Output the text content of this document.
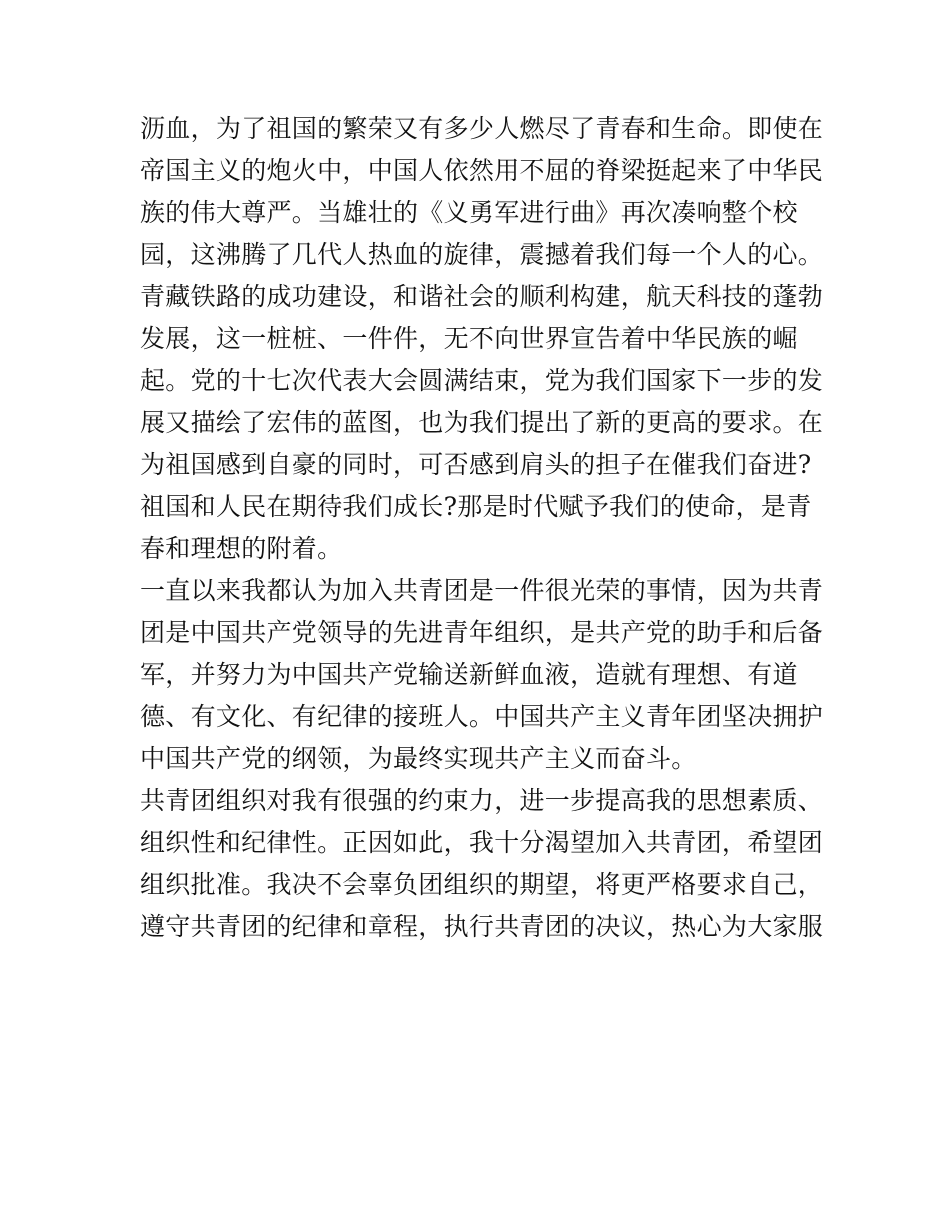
沥血，为了祖国的繁荣又有多少人燃尽了青春和生命。即使在
帝国主义的炮火中，中国人依然用不屈的脊梁挺起来了中华民
族的伟大尊严。当雄壮的《义勇军进行曲》再次凑响整个校
园，这沸腾了几代人热血的旋律，震撼着我们每一个人的心。
青藏铁路的成功建设，和谐社会的顺利构建，航天科技的蓬勃
发展，这一桩桩、一件件，无不向世界宣告着中华民族的崛
起。党的十七次代表大会圆满结束，党为我们国家下一步的发
展又描绘了宏伟的蓝图，也为我们提出了新的更高的要求。在
为祖国感到自豪的同时，可否感到肩头的担子在催我们奋进?
祖国和人民在期待我们成长?那是时代赋予我们的使命，是青
春和理想的附着。
一直以来我都认为加入共青团是一件很光荣的事情，因为共青
团是中国共产党领导的先进青年组织，是共产党的助手和后备
军，并努力为中国共产党输送新鲜血液，造就有理想、有道
德、有文化、有纪律的接班人。中国共产主义青年团坚决拥护
中国共产党的纲领，为最终实现共产主义而奋斗。
共青团组织对我有很强的约束力，进一步提高我的思想素质、
组织性和纪律性。正因如此，我十分渴望加入共青团，希望团
组织批准。我决不会辜负团组织的期望，将更严格要求自己，
遵守共青团的纪律和章程，执行共青团的决议，热心为大家服
